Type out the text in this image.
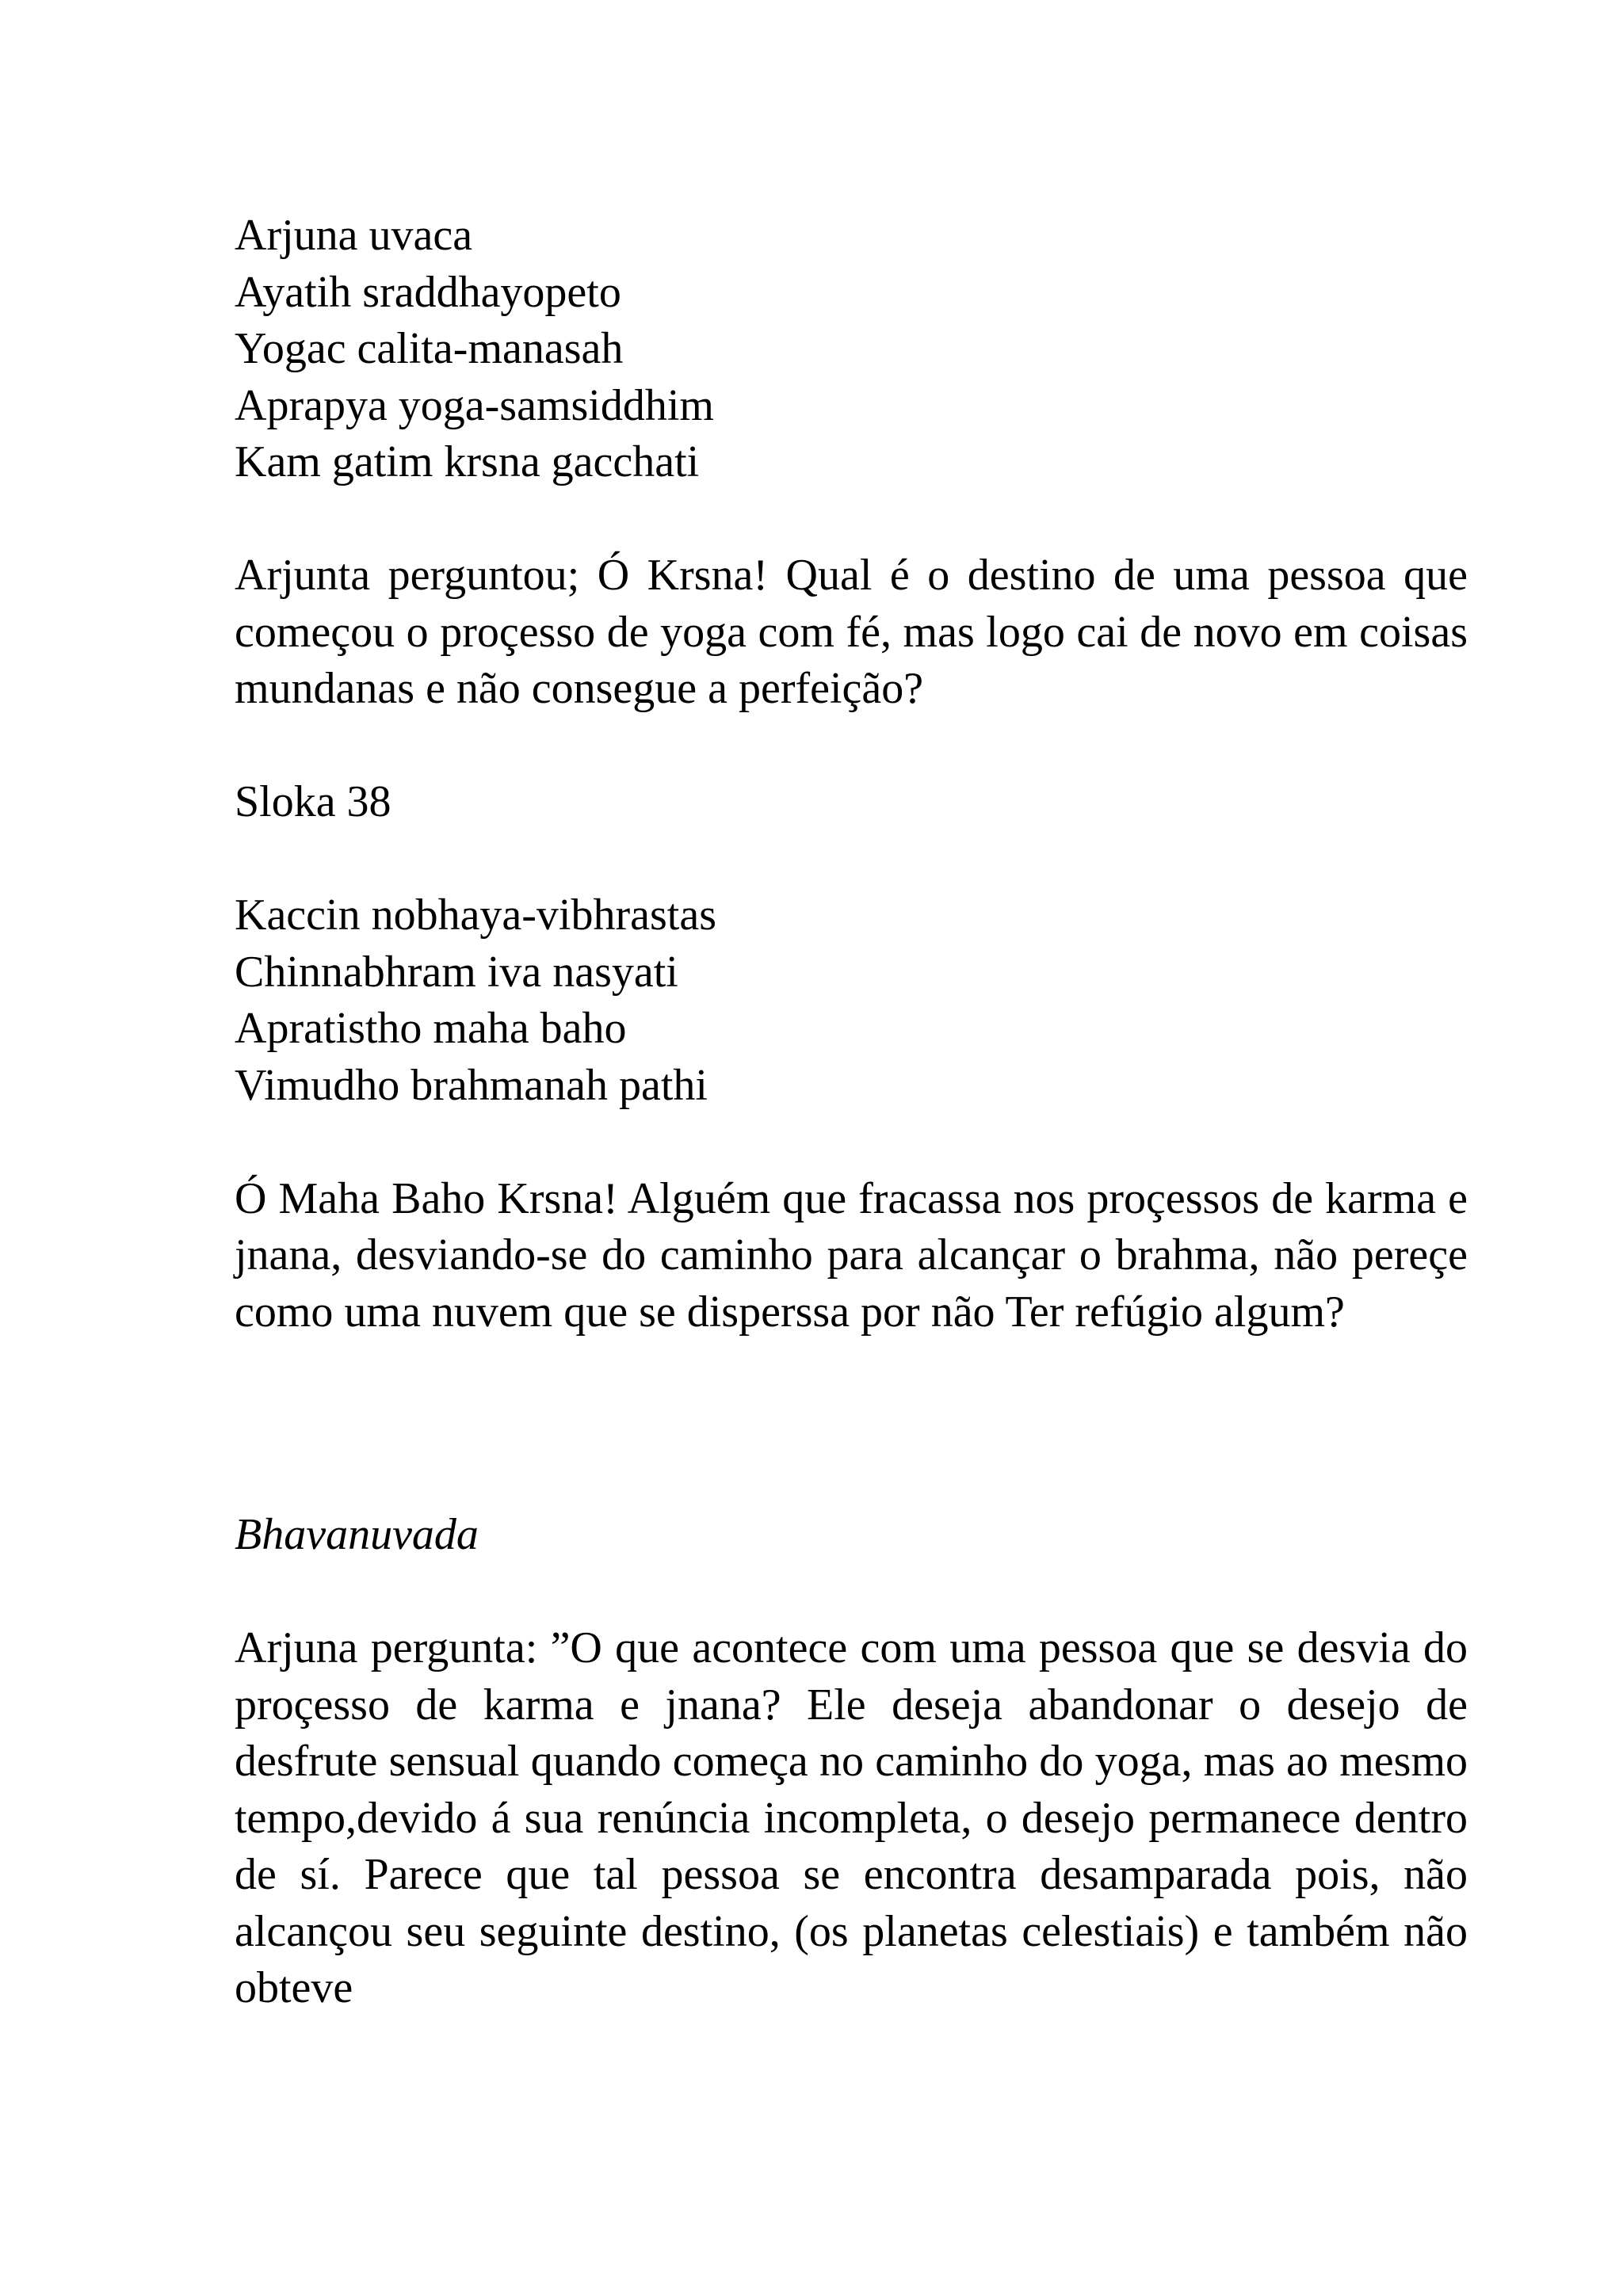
Arjuna uvaca
Ayatih sraddhayopeto
Yogac calita-manasah
Aprapya yoga-samsiddhim
Kam gatim krsna gacchati

Arjunta perguntou; Ó Krsna! Qual é o destino de uma pessoa que começou o proçesso de yoga com fé, mas logo cai de novo em coisas mundanas e não consegue a perfeição?

Sloka 38
Kaccin nobhaya-vibhrastas
Chinnabhram iva nasyati
Apratistho maha baho
Vimudho brahmanah pathi

Ó Maha Baho Krsna! Alguém que fracassa nos proçessos de karma e jnana, desviando-se do caminho para alcançar o brahma, não pereçe como uma nuvem que se disperssa por não Ter refúgio algum?

Bhavanuvada

Arjuna pergunta: ”O que acontece com uma pessoa que se desvia do proçesso de karma e jnana? Ele deseja abandonar o desejo de desfrute sensual quando começa no caminho do yoga, mas ao mesmo tempo,devido á sua renúncia incompleta, o desejo permanece dentro de sí. Parece que tal pessoa se encontra desamparada pois, não alcançou seu seguinte destino, (os planetas celestiais) e também não obteve
